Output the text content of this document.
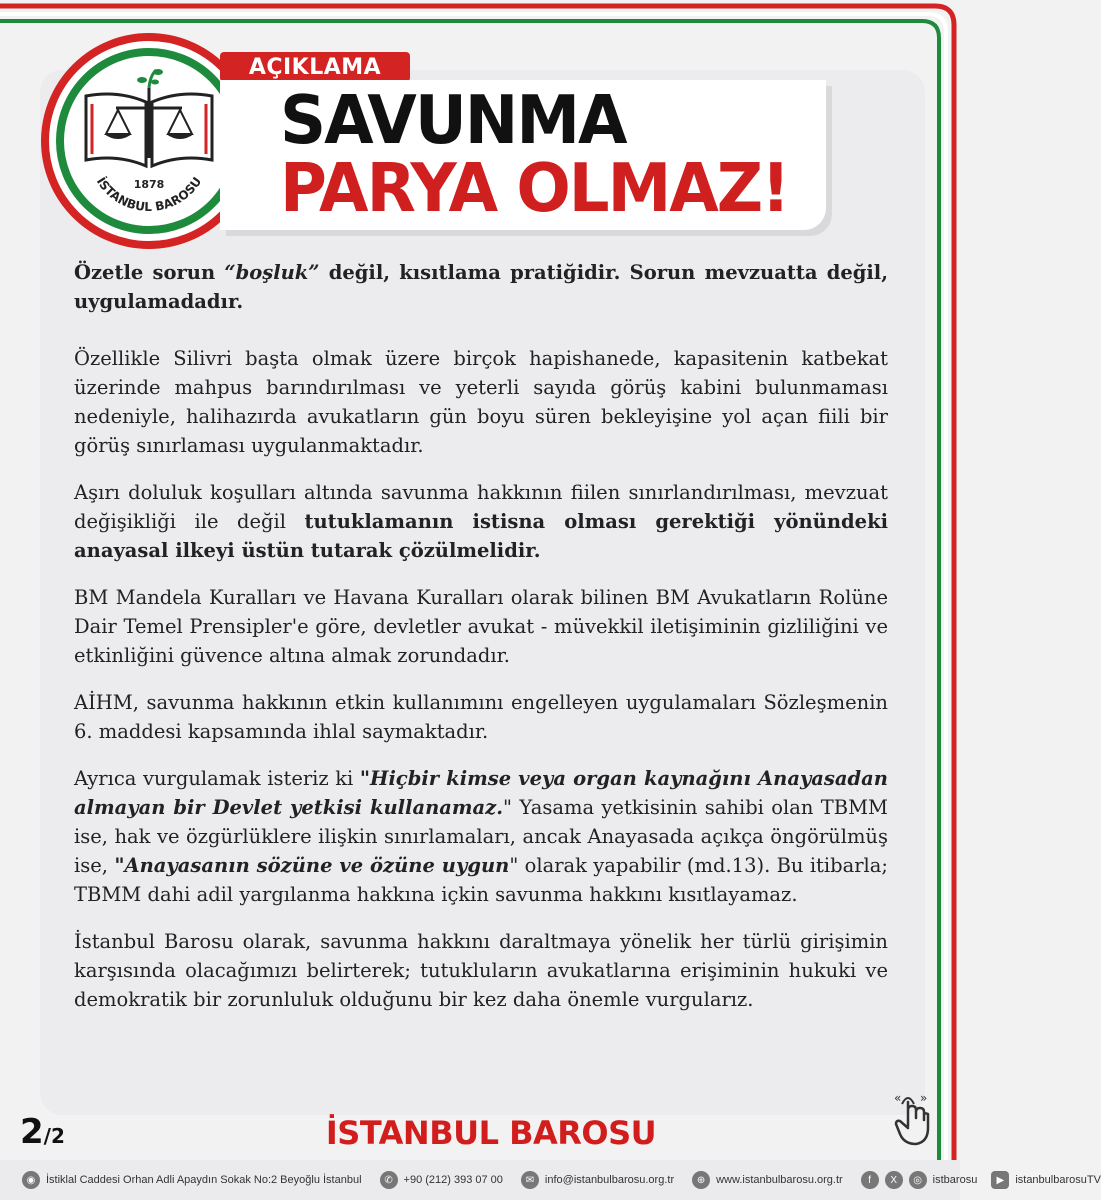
1878
İSTANBUL BAROSU
AÇIKLAMA
SAVUNMA
PARYA OLMAZ!

Özetle sorun “boşluk” değil, kısıtlama pratiğidir. Sorun mevzuatta değil, uygulamadadır.

Özellikle Silivri başta olmak üzere birçok hapishanede, kapasitenin katbekat üzerinde mahpus barındırılması ve yeterli sayıda görüş kabini bulunmaması nedeniyle, halihazırda avukatların gün boyu süren bekleyişine yol açan fiili bir görüş sınırlaması uygulanmaktadır.

Aşırı doluluk koşulları altında savunma hakkının fiilen sınırlandırılması, mevzuat değişikliği ile değil tutuklamanın istisna olması gerektiği yönündeki anayasal ilkeyi üstün tutarak çözülmelidir.

BM Mandela Kuralları ve Havana Kuralları olarak bilinen BM Avukatların Rolüne Dair Temel Prensipler'e göre, devletler avukat - müvekkil iletişiminin gizliliğini ve etkinliğini güvence altına almak zorundadır.

AİHM, savunma hakkının etkin kullanımını engelleyen uygulamaları Sözleşmenin 6. maddesi kapsamında ihlal saymaktadır.

Ayrıca vurgulamak isteriz ki "Hiçbir kimse veya organ kaynağını Anayasadan almayan bir Devlet yetkisi kullanamaz." Yasama yetkisinin sahibi olan TBMM ise, hak ve özgürlüklere ilişkin sınırlamaları, ancak Anayasada açıkça öngörülmüş ise, "Anayasanın sözüne ve özüne uygun" olarak yapabilir (md.13). Bu itibarla; TBMM dahi adil yargılanma hakkına içkin savunma hakkını kısıtlayamaz.

İstanbul Barosu olarak, savunma hakkını daraltmaya yönelik her türlü girişimin karşısında olacağımızı belirterek; tutukluların avukatlarına erişiminin hukuki ve demokratik bir zorunluluk olduğunu bir kez daha önemle vurgularız.

2/2	İSTANBUL BAROSU
« »
◉ İstiklal Caddesi Orhan Adli Apaydın Sokak No:2 Beyoğlu İstanbul	✆ +90 (212) 393 07 00	✉ info@istanbulbarosu.org.tr	⊕ www.istanbulbarosu.org.tr	f	X	◎ istbarosu	▶	istanbulbarosuTV
